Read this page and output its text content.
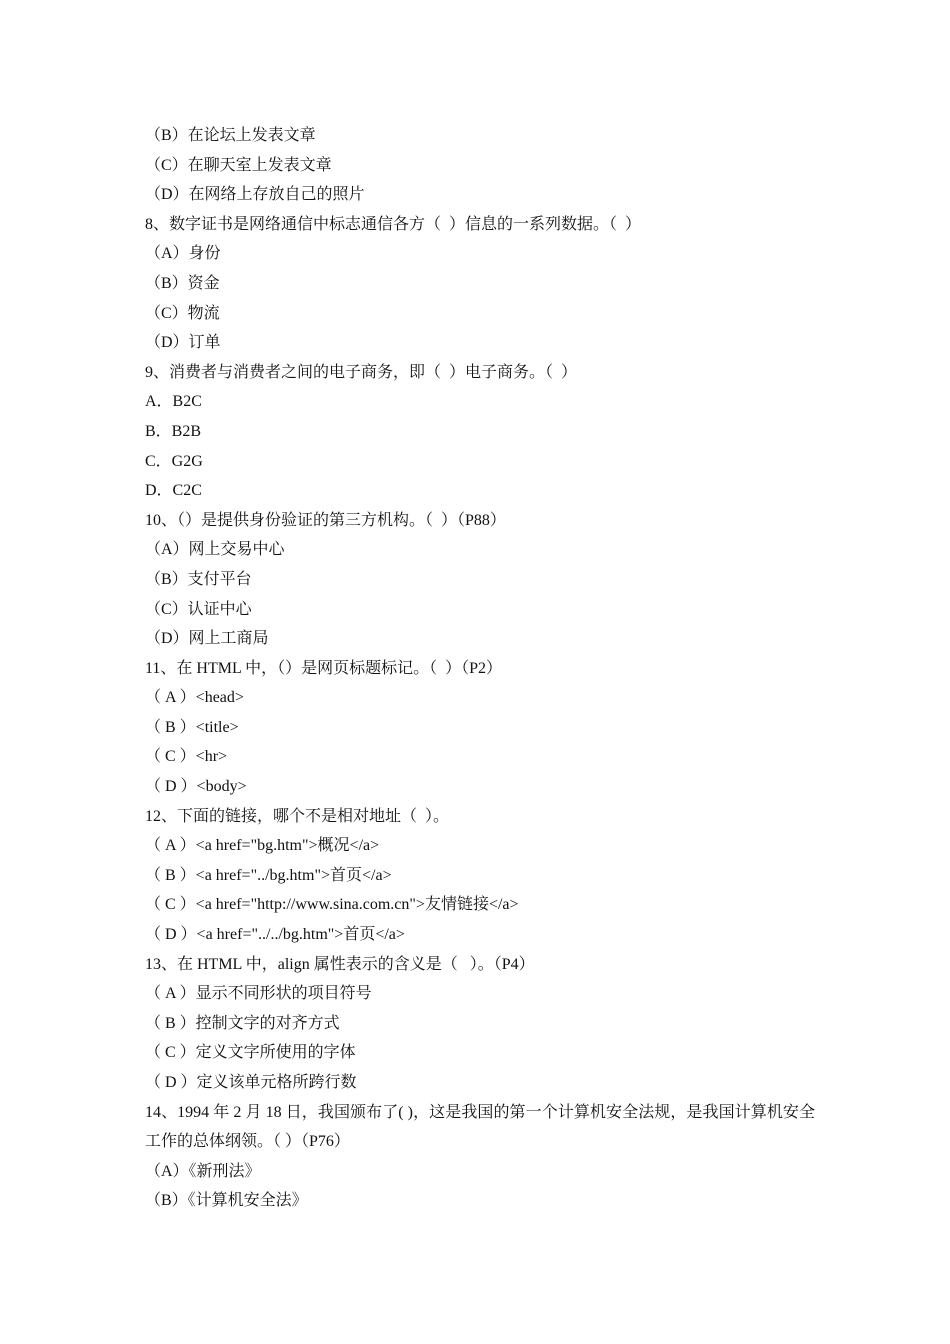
（B）在论坛上发表文章
（C）在聊天室上发表文章
（D）在网络上存放自己的照片
8、数字证书是网络通信中标志通信各方（  ）信息的一系列数据。（  ）
（A）身份
（B）资金
（C）物流
（D）订单
9、消费者与消费者之间的电子商务，即（  ）电子商务。（  ）
A．B2C
B．B2B
C．G2G
D．C2C
10、（）是提供身份验证的第三方机构。（  ）（P88）
（A）网上交易中心
（B）支付平台
（C）认证中心
（D）网上工商局
11、在 HTML 中，（）是网页标题标记。（  ）（P2）
（ A ）<head>
（ B ）<title>
（ C ）<hr>
（ D ）<body>
12、下面的链接，哪个不是相对地址（  ）。
（ A ）<a href="bg.htm">概况</a>
（ B ）<a href="../bg.htm">首页</a>
（ C ）<a href="http://www.sina.com.cn">友情链接</a>
（ D ）<a href="../../bg.htm">首页</a>
13、在 HTML 中，align 属性表示的含义是（   ）。（P4）
（ A ）显示不同形状的项目符号
（ B ）控制文字的对齐方式
（ C ）定义文字所使用的字体
（ D ）定义该单元格所跨行数
14、1994 年 2 月 18 日，我国颁布了( )，这是我国的第一个计算机安全法规，是我国计算机安全工作的总体纲领。（ ）（P76）
（A）《新刑法》
（B）《计算机安全法》
